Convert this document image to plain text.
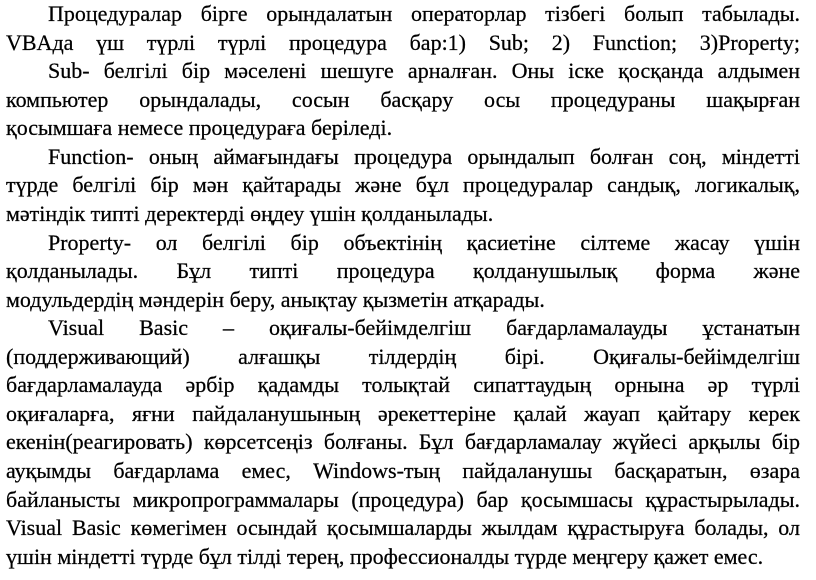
Процедуралар бірге орындалатын операторлар тізбегі болып табылады.
VBAда үш түрлі түрлі процедура бар:1) Sub; 2) Function; 3)Property;
Sub- белгілі бір мәселені шешуге арналған. Оны іске қосқанда алдымен
компьютер орындалады, сосын басқару осы процедураны шақырған
қосымшаға немесе процедураға беріледі.
Function- оның аймағындағы процедура орындалып болған соң, міндетті
түрде белгілі бір мән қайтарады және бұл процедуралар сандық, логикалық,
мәтіндік типті деректерді өңдеу үшін қолданылады.
Property- ол белгілі бір объектінің қасиетіне сілтеме жасау үшін
қолданылады. Бұл типті процедура қолданушылық форма және
модульдердің мәндерін беру, анықтау қызметін атқарады.
Visual Basic – оқиғалы-бейімделгіш бағдарламалауды ұстанатын
(поддерживающий) алғашқы тілдердің бірі. Оқиғалы-бейімделгіш
бағдарламалауда әрбір қадамды толықтай сипаттаудың орнына әр түрлі
оқиғаларға, яғни пайдаланушының әрекеттеріне қалай жауап қайтару керек
екенін(реагировать) көрсетсеңіз болғаны. Бұл бағдарламалау жүйесі арқылы бір
ауқымды бағдарлама емес, Windows-тың пайдаланушы басқаратын, өзара
байланысты микропрограммалары (процедура) бар қосымшасы құрастырылады.
Visual Basic көмегімен осындай қосымшаларды жылдам құрастыруға болады, ол
үшін міндетті түрде бұл тілді терең, профессионалды түрде меңгеру қажет емес.
